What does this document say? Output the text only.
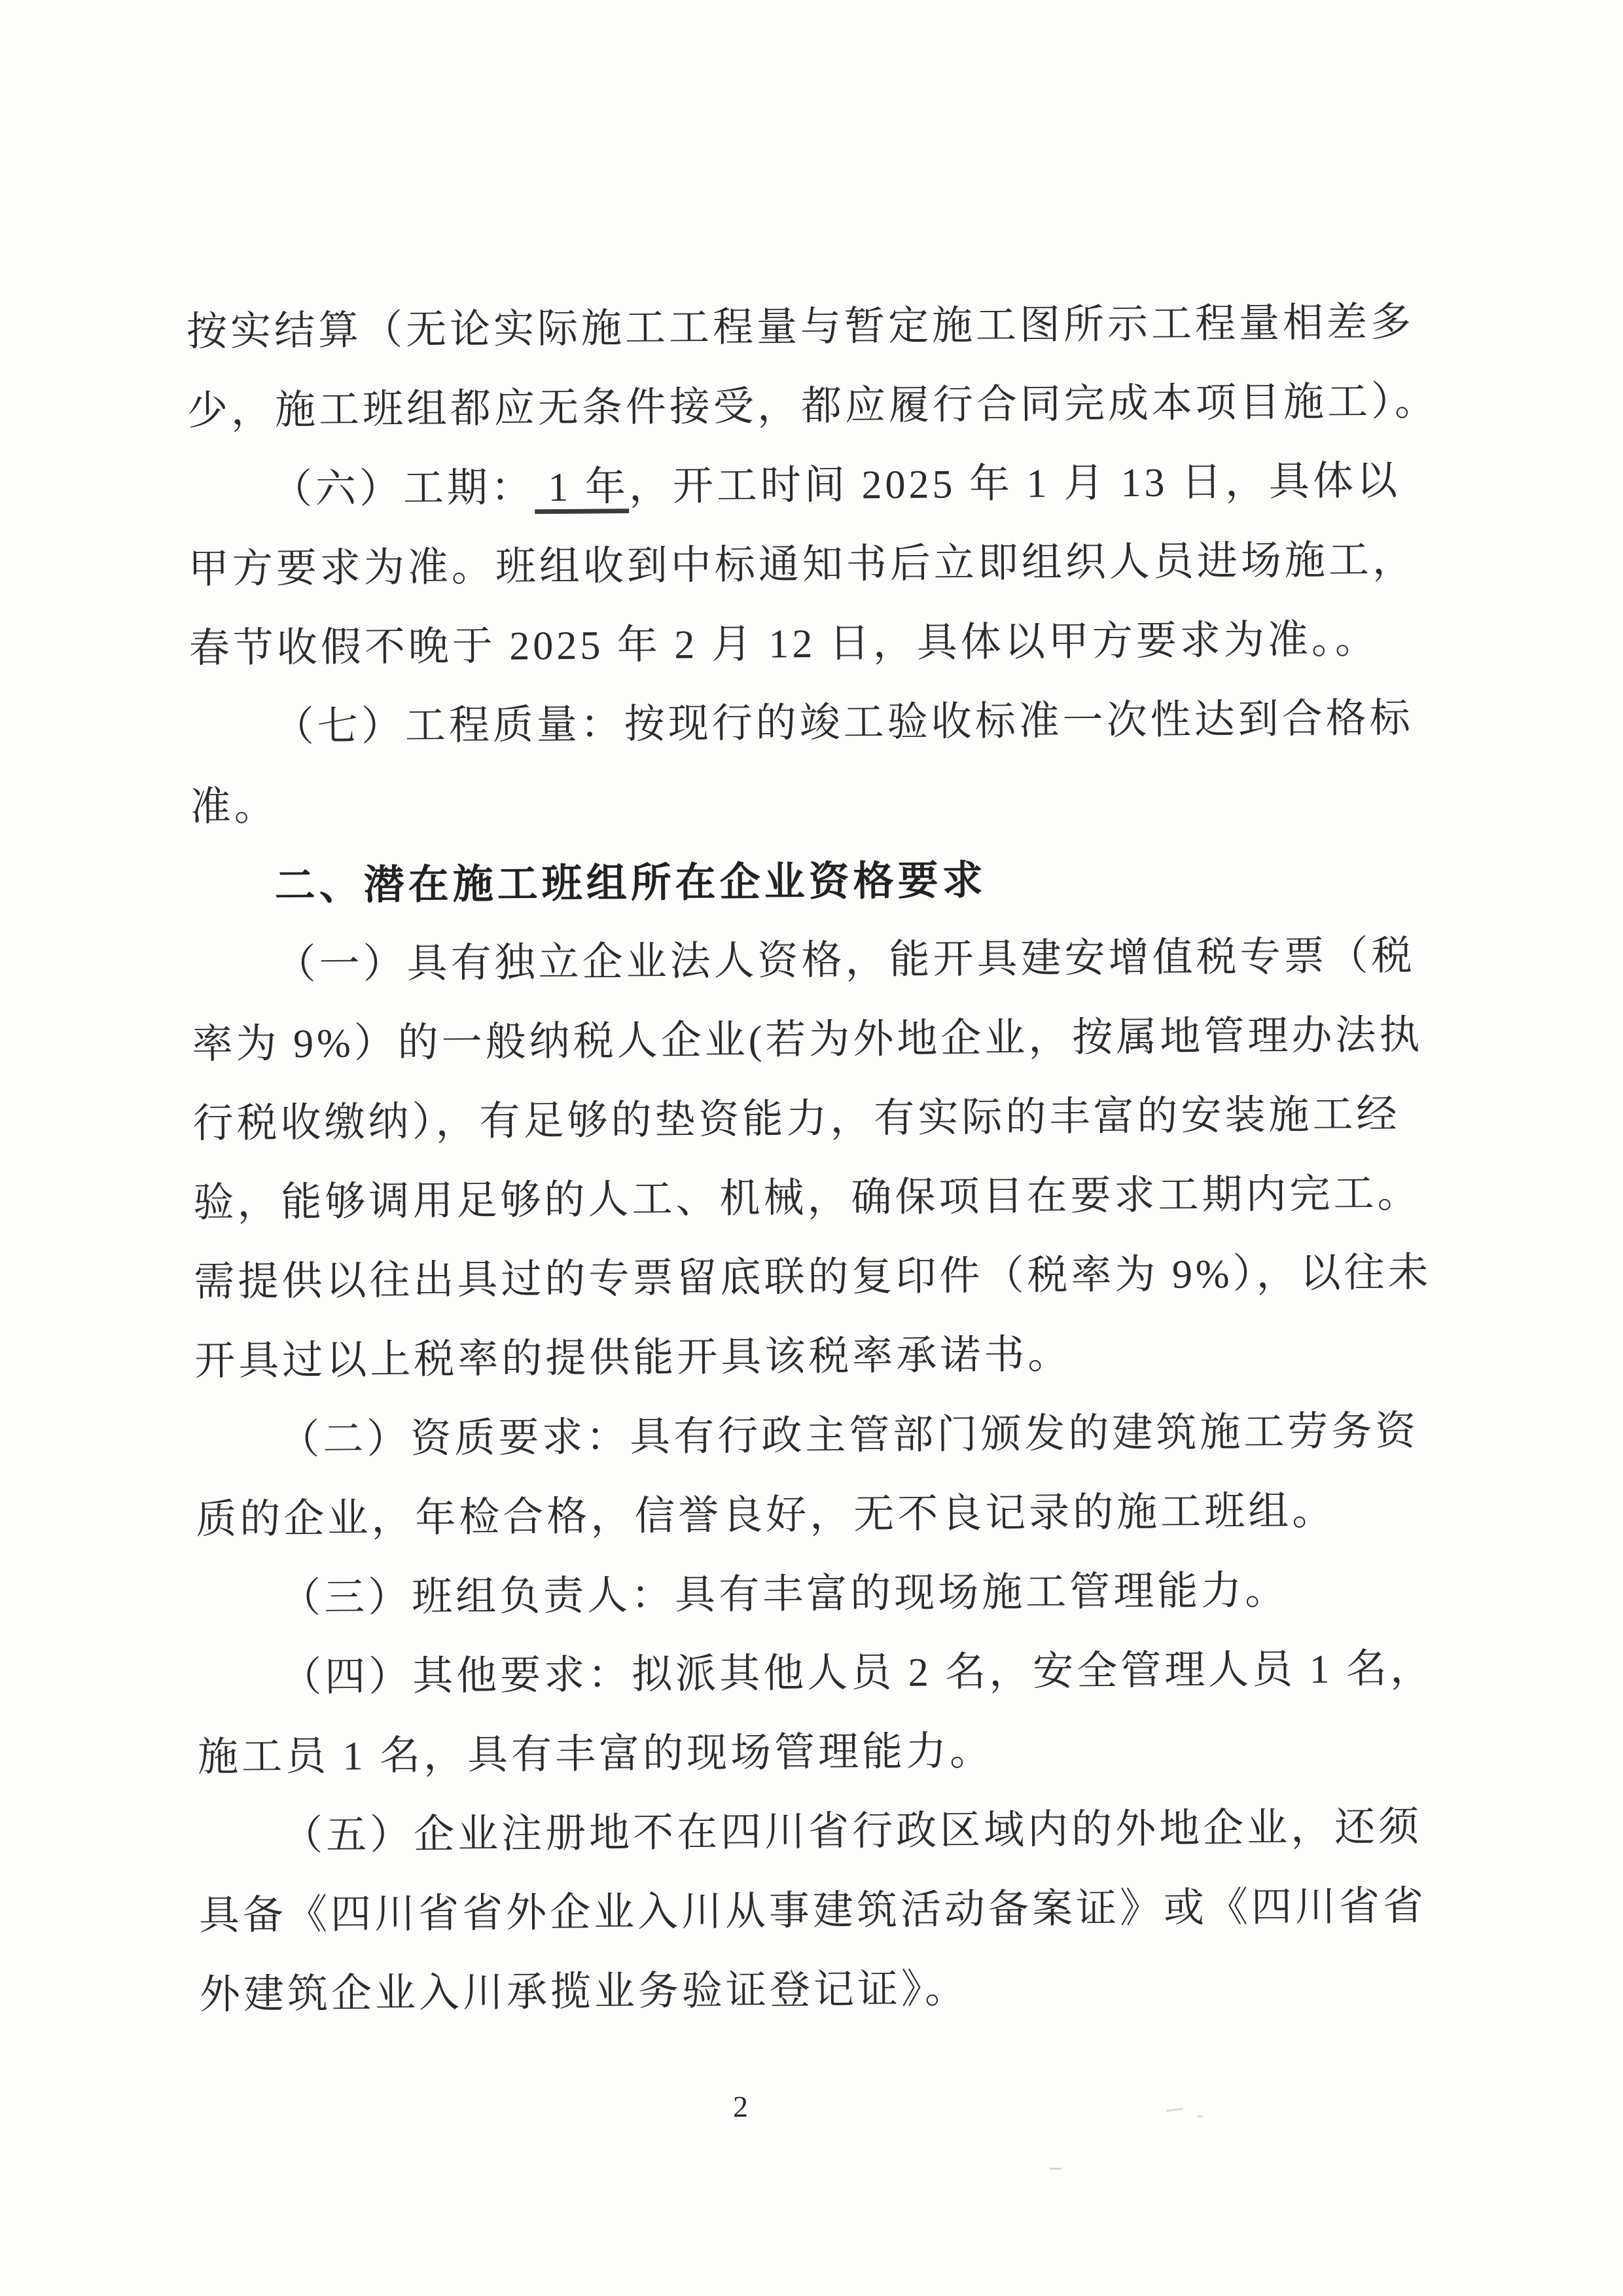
按实结算（无论实际施工工程量与暂定施工图所示工程量相差多
少，施工班组都应无条件接受，都应履行合同完成本项目施工）。
（六）工期： 1 年，开工时间 2025 年 1 月 13 日，具体以
甲方要求为准。班组收到中标通知书后立即组织人员进场施工，
春节收假不晚于 2025 年 2 月 12 日，具体以甲方要求为准。。
（七）工程质量：按现行的竣工验收标准一次性达到合格标
准。
二、潜在施工班组所在企业资格要求
（一）具有独立企业法人资格，能开具建安增值税专票（税
率为 9%）的一般纳税人企业(若为外地企业，按属地管理办法执
行税收缴纳），有足够的垫资能力，有实际的丰富的安装施工经
验，能够调用足够的人工、机械，确保项目在要求工期内完工。
需提供以往出具过的专票留底联的复印件（税率为 9%），以往未
开具过以上税率的提供能开具该税率承诺书。
（二）资质要求：具有行政主管部门颁发的建筑施工劳务资
质的企业，年检合格，信誉良好，无不良记录的施工班组。
（三）班组负责人：具有丰富的现场施工管理能力。
（四）其他要求：拟派其他人员 2 名，安全管理人员 1 名，
施工员 1 名，具有丰富的现场管理能力。
（五）企业注册地不在四川省行政区域内的外地企业，还须
具备《四川省省外企业入川从事建筑活动备案证》或《四川省省
外建筑企业入川承揽业务验证登记证》。
2
